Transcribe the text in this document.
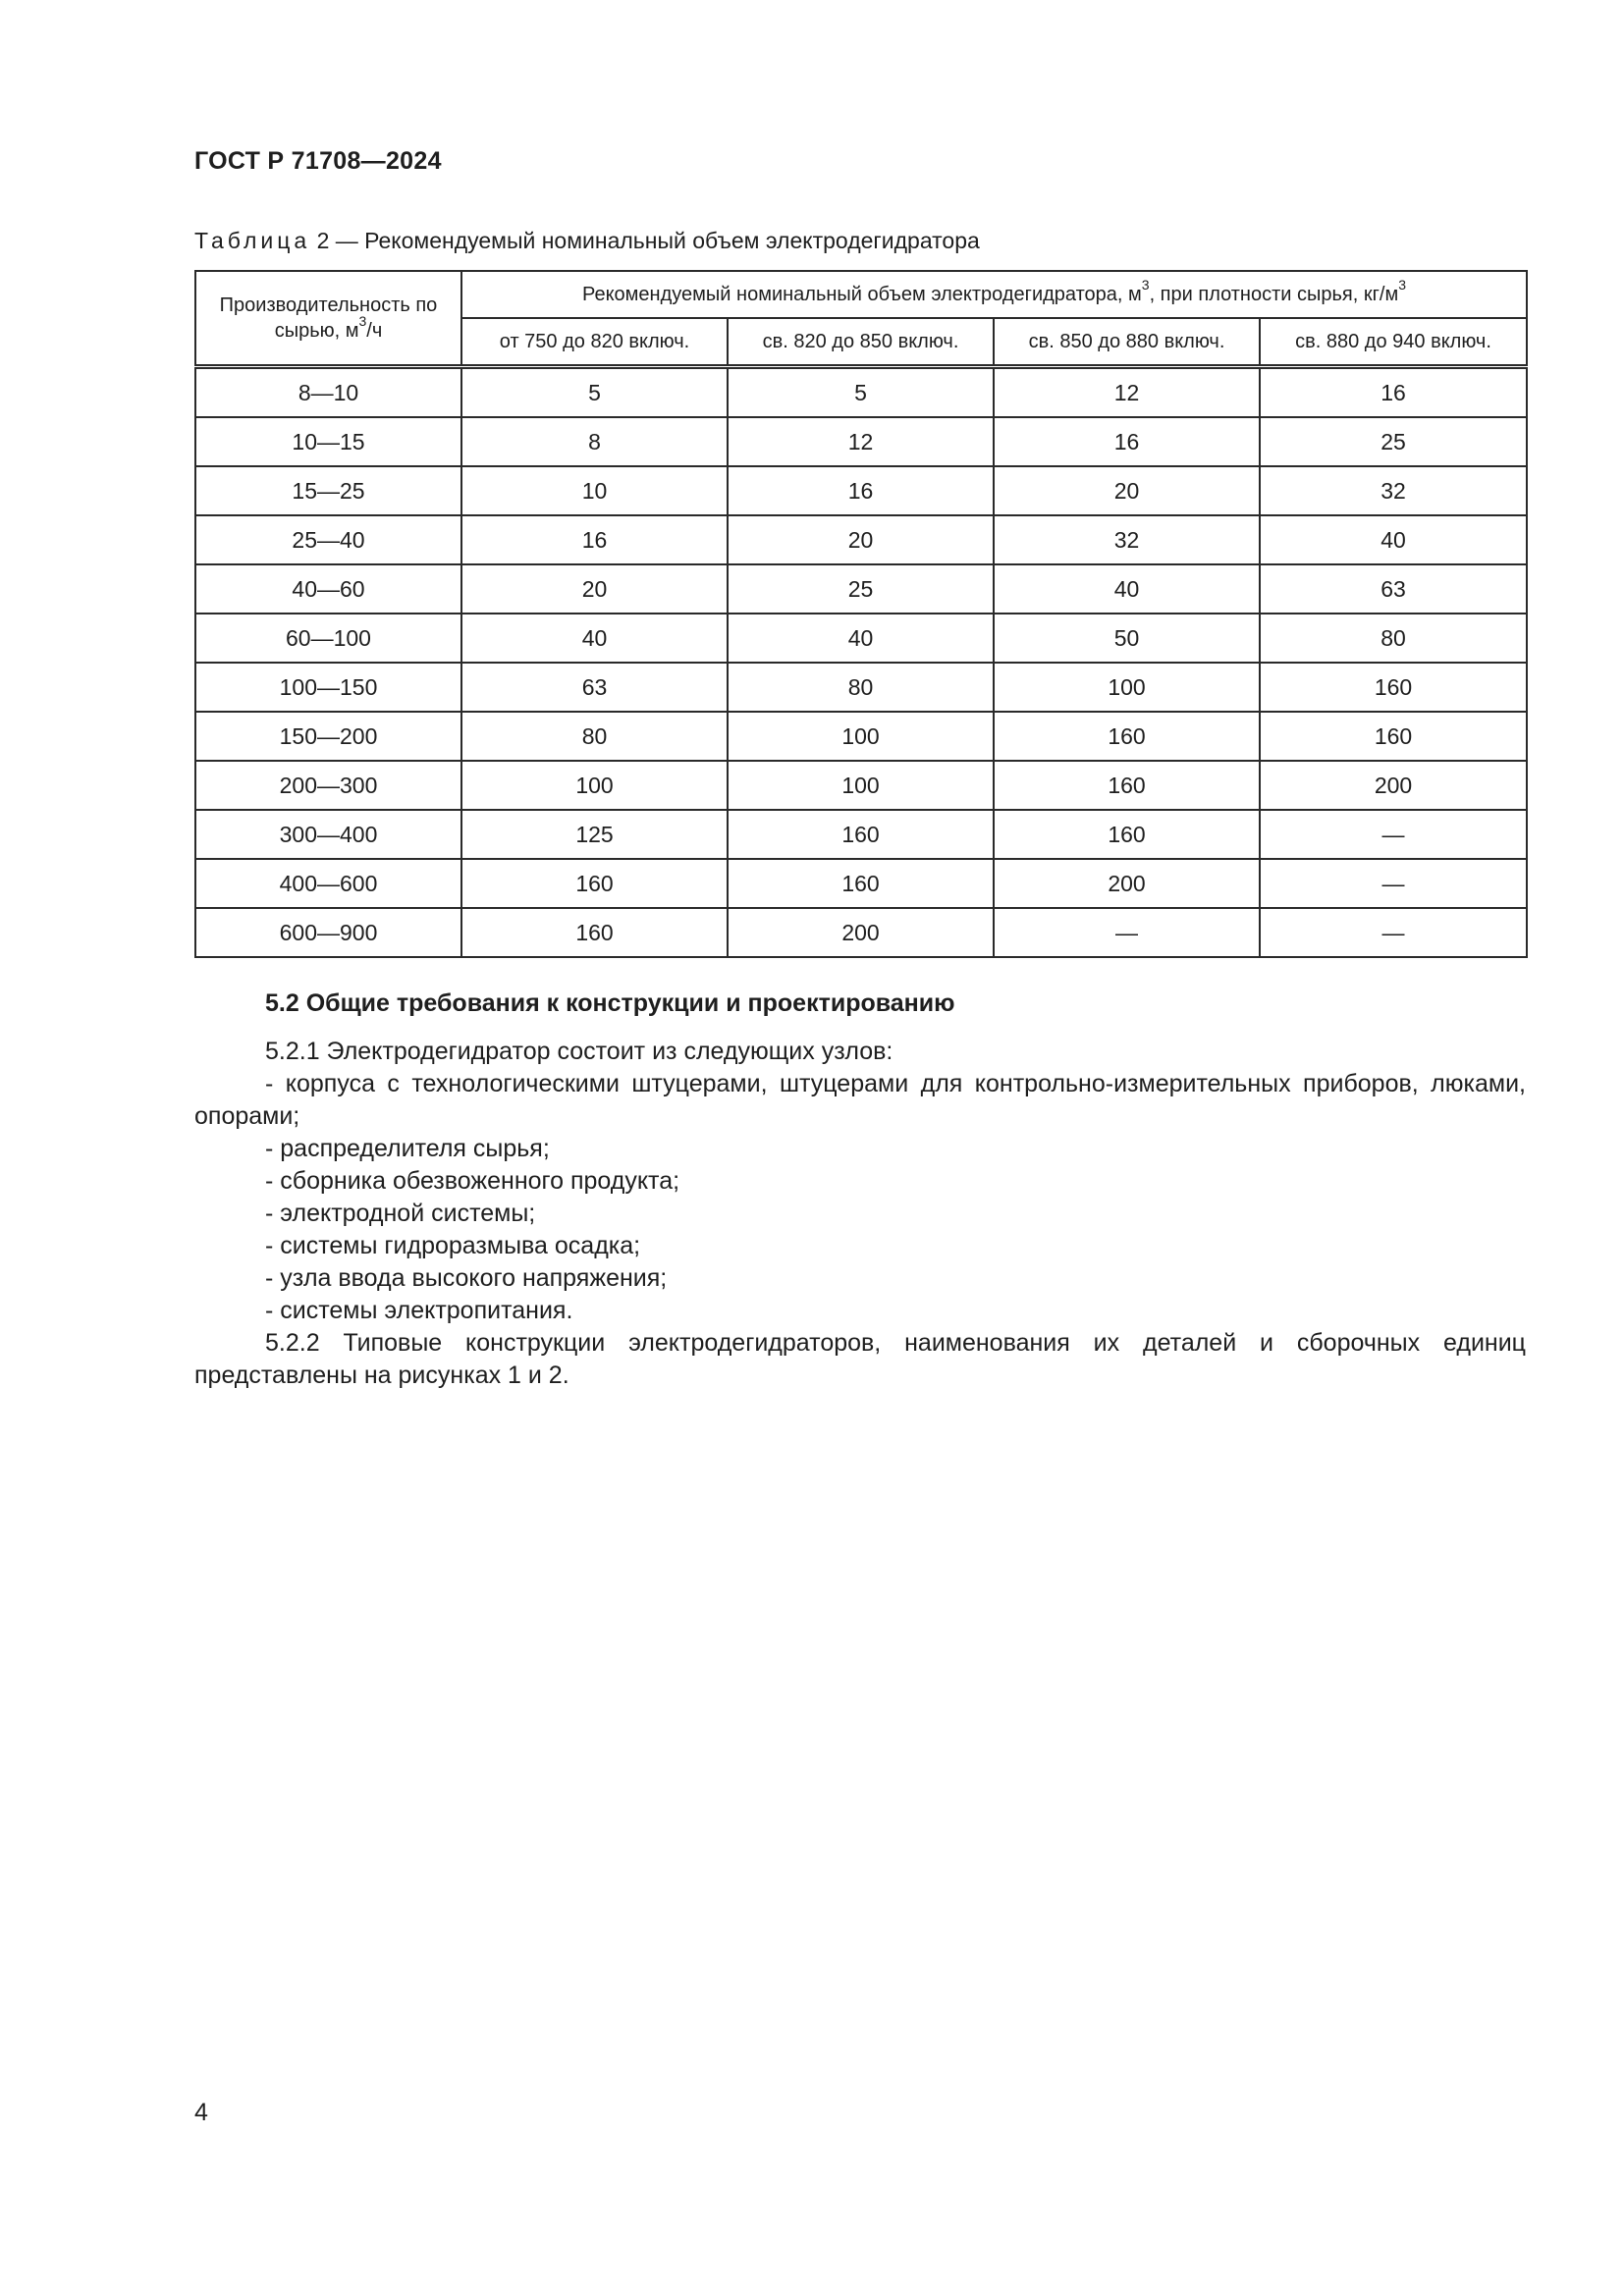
ГОСТ Р 71708—2024
Таблица 2 — Рекомендуемый номинальный объем электродегидратора
Производительность по сырью, $м^3/ч$	Рекомендуемый номинальный объем электродегидратора, $м^3$, при плотности сырья, $кг/м^3$
	от 750 до 820 включ.	св. 820 до 850 включ.	св. 850 до 880 включ.	св. 880 до 940 включ.
8—10	5	5	12	16
10—15	8	12	16	25
15—25	10	16	20	32
25—40	16	20	32	40
40—60	20	25	40	63
60—100	40	40	50	80
100—150	63	80	100	160
150—200	80	100	160	160
200—300	100	100	160	200
300—400	125	160	160	—
400—600	160	160	200	—
600—900	160	200	—	—
5.2 Общие требования к конструкции и проектированию

5.2.1 Электродегидратор состоит из следующих узлов:

- корпуса с технологическими штуцерами, штуцерами для контрольно-измерительных приборов, люками, опорами;

- распределителя сырья;

- сборника обезвоженного продукта;

- электродной системы;

- системы гидроразмыва осадка;

- узла ввода высокого напряжения;

- системы электропитания.

5.2.2 Типовые конструкции электродегидраторов, наименования их деталей и сборочных единиц представлены на рисунках 1 и 2.

4
